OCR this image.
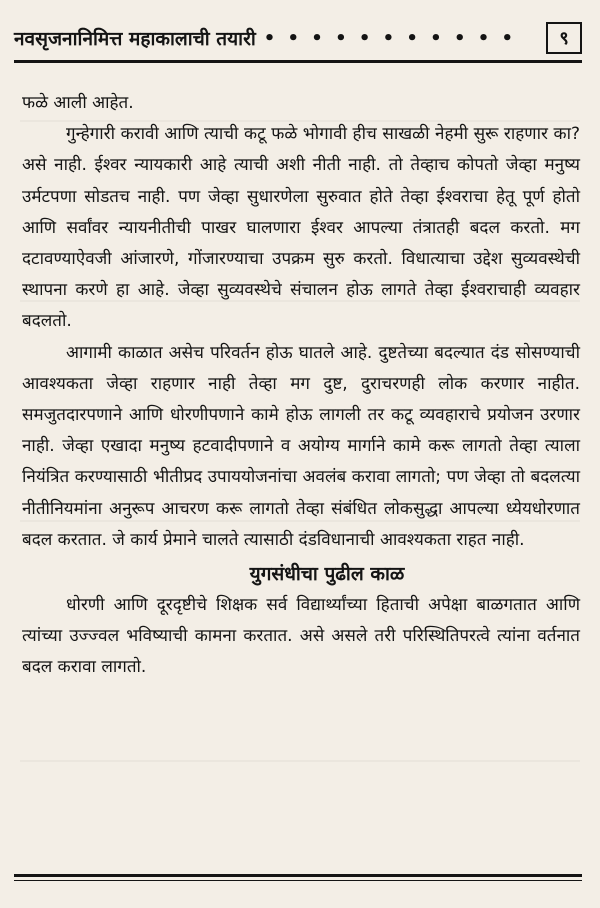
नवसृजनानिमित्त महाकालाची तयारी • • • • • • • • • • •	९

फळे आली आहेत.

गुन्हेगारी करावी आणि त्याची कटू फळे भोगावी हीच साखळी नेहमी सुरू राहणार का? असे नाही. ईश्वर न्यायकारी आहे त्याची अशी नीती नाही. तो तेव्हाच कोपतो जेव्हा मनुष्य उर्मटपणा सोडतच नाही. पण जेव्हा सुधारणेला सुरुवात होते तेव्हा ईश्वराचा हेतू पूर्ण होतो आणि सर्वांवर न्यायनीतीची पाखर घालणारा ईश्वर आपल्या तंत्रातही बदल करतो. मग दटावण्याऐवजी आंजारणे, गोंजारण्याचा उपक्रम सुरु करतो. विधात्याचा उद्देश सुव्यवस्थेची स्थापना करणे हा आहे. जेव्हा सुव्यवस्थेचे संचालन होऊ लागते तेव्हा ईश्वराचाही व्यवहार बदलतो.

आगामी काळात असेच परिवर्तन होऊ घातले आहे. दुष्टतेच्या बदल्यात दंड सोसण्याची आवश्यकता जेव्हा राहणार नाही तेव्हा मग दुष्ट, दुराचरणही लोक करणार नाहीत. समजुतदारपणाने आणि धोरणीपणाने कामे होऊ लागली तर कटू व्यवहाराचे प्रयोजन उरणार नाही. जेव्हा एखादा मनुष्य हटवादीपणाने व अयोग्य मार्गाने कामे करू लागतो तेव्हा त्याला नियंत्रित करण्यासाठी भीतीप्रद उपाययोजनांचा अवलंब करावा लागतो; पण जेव्हा तो बदलत्या नीतीनियमांना अनुरूप आचरण करू लागतो तेव्हा संबंधित लोकसुद्धा आपल्या ध्येयधोरणात बदल करतात. जे कार्य प्रेमाने चालते त्यासाठी दंडविधानाची आवश्यकता राहत नाही.

युगसंधीचा पुढील काळ

धोरणी आणि दूरदृष्टीचे शिक्षक सर्व विद्यार्थ्यांच्या हिताची अपेक्षा बाळगतात आणि त्यांच्या उज्ज्वल भविष्याची कामना करतात. असे असले तरी परिस्थितिपरत्वे त्यांना वर्तनात बदल करावा लागतो.
